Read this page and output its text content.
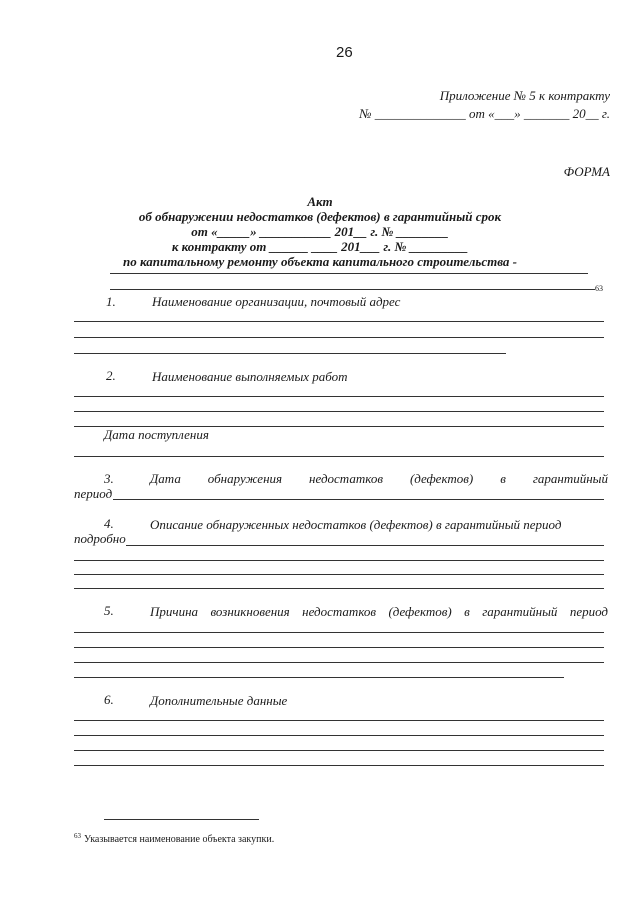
26
Приложение № 5 к контракту
№ ______________ от «___» _______ 20__ г.
ФОРМА
Акт
об обнаружении недостатков (дефектов) в гарантийный срок
от «_____» ___________ 201__ г. № ________
к контракту от ______ ____ 201___ г. № _________
по капитальному ремонту объекта капитального строительства -
63
1.	Наименование организации, почтовый адрес
2.	Наименование выполняемых работ
Дата поступления
3.	Дата обнаружения недостатков (дефектов) в гарантийный
период
4.	Описание обнаруженных недостатков (дефектов) в гарантийный период
подробно
5.	Причина возникновения недостатков (дефектов) в гарантийный период
6.	Дополнительные данные
63 Указывается наименование объекта закупки.
